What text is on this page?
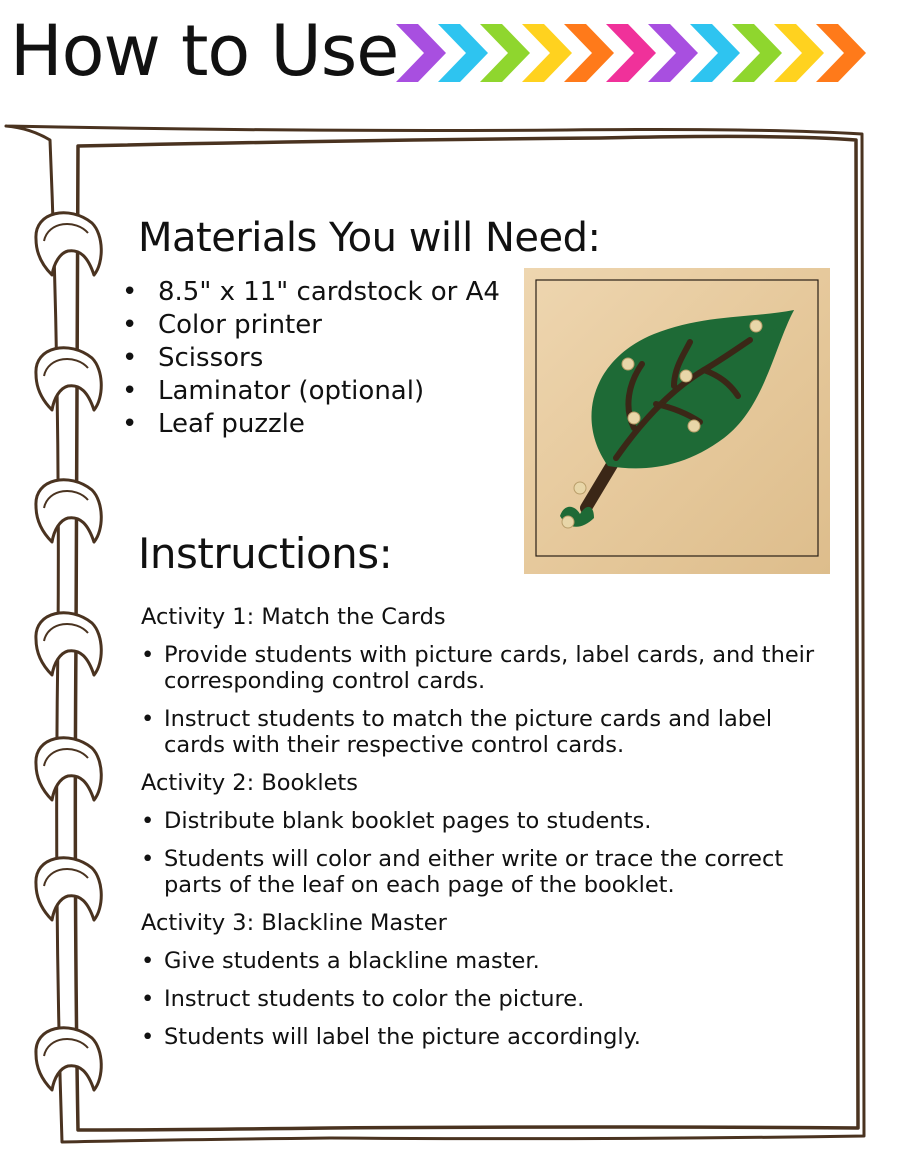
How to Use
Materials You will Need:
• 8.5" x 11" cardstock or A4
• Color printer
• Scissors
• Laminator (optional)
• Leaf puzzle
Instructions:
Activity 1: Match the Cards
• Provide students with picture cards, label cards, and their corresponding control cards.
• Instruct students to match the picture cards and label cards with their respective control cards.
Activity 2: Booklets
• Distribute blank booklet pages to students.
• Students will color and either write or trace the correct parts of the leaf on each page of the booklet.
Activity 3: Blackline Master
• Give students a blackline master.
• Instruct students to color the picture.
• Students will label the picture accordingly.
